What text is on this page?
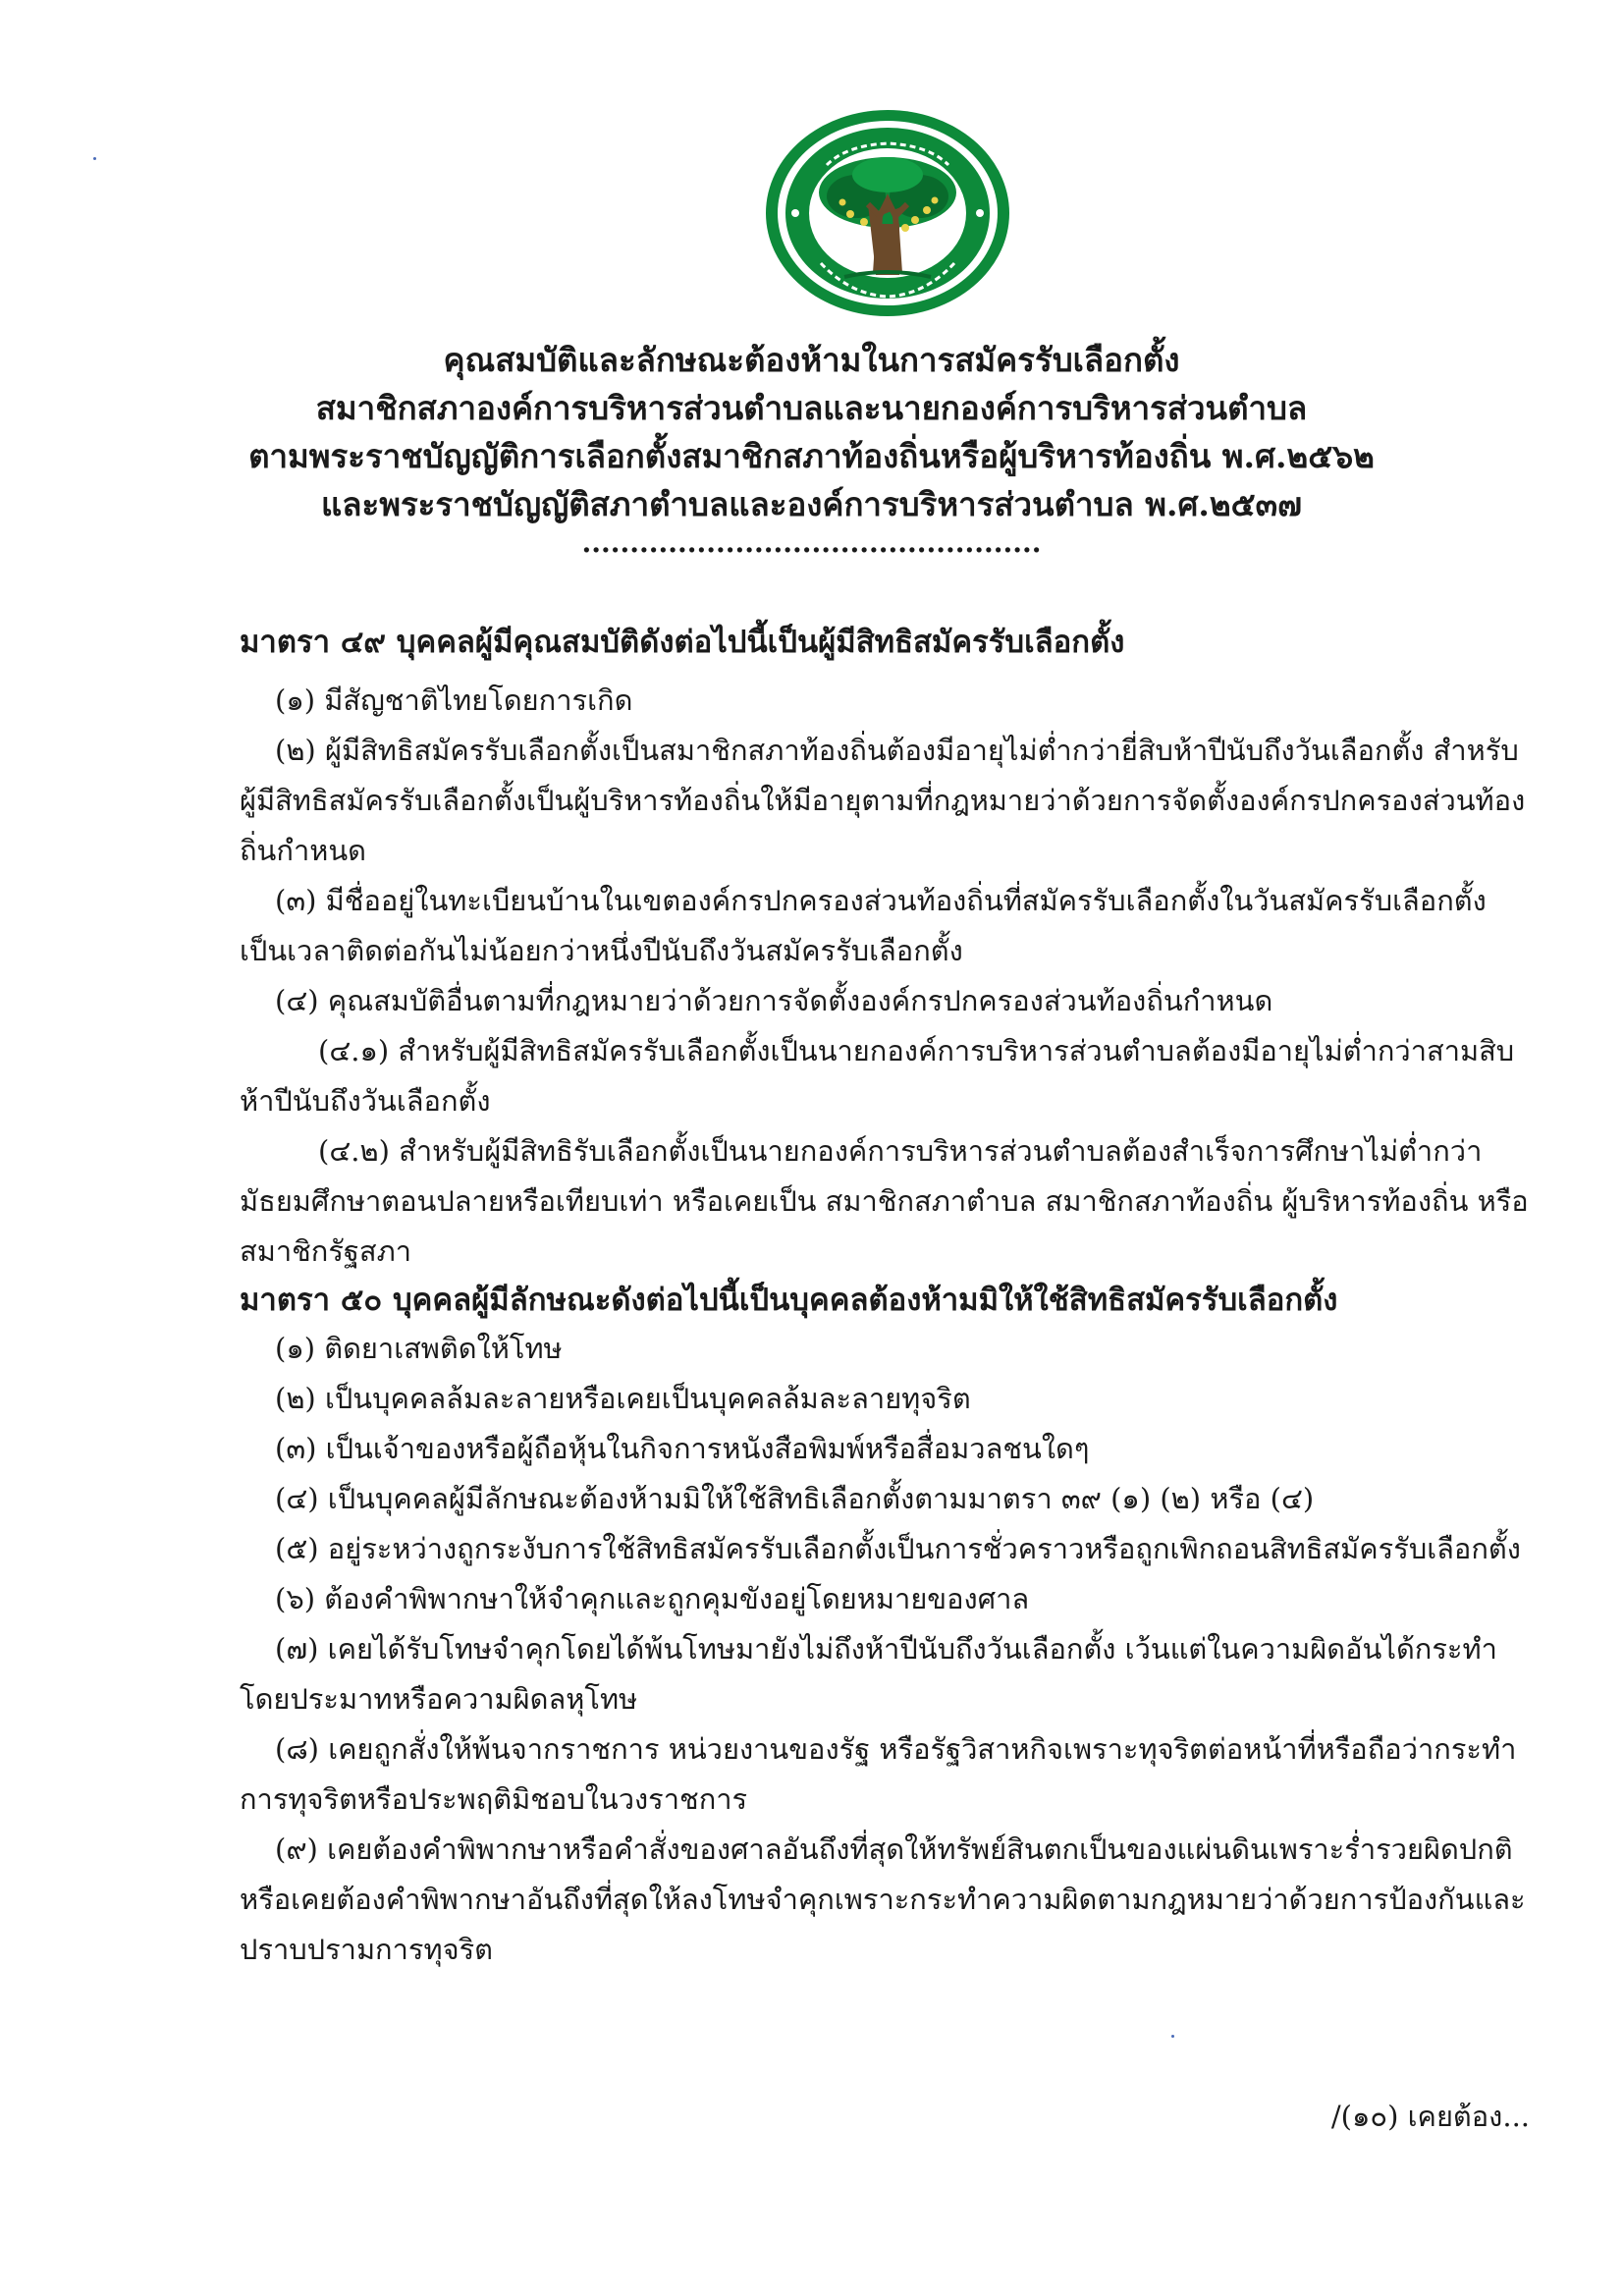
คุณสมบัติและลักษณะต้องห้ามในการสมัครรับเลือกตั้ง
สมาชิกสภาองค์การบริหารส่วนตำบลและนายกองค์การบริหารส่วนตำบล
ตามพระราชบัญญัติการเลือกตั้งสมาชิกสภาท้องถิ่นหรือผู้บริหารท้องถิ่น พ.ศ.๒๕๖๒
และพระราชบัญญัติสภาตำบลและองค์การบริหารส่วนตำบล พ.ศ.๒๕๓๗
................................................

มาตรา ๔๙ บุคคลผู้มีคุณสมบัติดังต่อไปนี้เป็นผู้มีสิทธิสมัครรับเลือกตั้ง

(๑) มีสัญชาติไทยโดยการเกิด

(๒) ผู้มีสิทธิสมัครรับเลือกตั้งเป็นสมาชิกสภาท้องถิ่นต้องมีอายุไม่ต่ำกว่ายี่สิบห้าปีนับถึงวันเลือกตั้ง สำหรับผู้มีสิทธิสมัครรับเลือกตั้งเป็นผู้บริหารท้องถิ่นให้มีอายุตามที่กฎหมายว่าด้วยการจัดตั้งองค์กรปกครองส่วนท้องถิ่นกำหนด

(๓) มีชื่ออยู่ในทะเบียนบ้านในเขตองค์กรปกครองส่วนท้องถิ่นที่สมัครรับเลือกตั้งในวันสมัครรับเลือกตั้งเป็นเวลาติดต่อกันไม่น้อยกว่าหนึ่งปีนับถึงวันสมัครรับเลือกตั้ง

(๔) คุณสมบัติอื่นตามที่กฎหมายว่าด้วยการจัดตั้งองค์กรปกครองส่วนท้องถิ่นกำหนด

(๔.๑) สำหรับผู้มีสิทธิสมัครรับเลือกตั้งเป็นนายกองค์การบริหารส่วนตำบลต้องมีอายุไม่ต่ำกว่าสามสิบห้าปีนับถึงวันเลือกตั้ง

(๔.๒) สำหรับผู้มีสิทธิรับเลือกตั้งเป็นนายกองค์การบริหารส่วนตำบลต้องสำเร็จการศึกษาไม่ต่ำกว่ามัธยมศึกษาตอนปลายหรือเทียบเท่า หรือเคยเป็น สมาชิกสภาตำบล สมาชิกสภาท้องถิ่น ผู้บริหารท้องถิ่น หรือสมาชิกรัฐสภา

มาตรา ๕๐ บุคคลผู้มีลักษณะดังต่อไปนี้เป็นบุคคลต้องห้ามมิให้ใช้สิทธิสมัครรับเลือกตั้ง

(๑) ติดยาเสพติดให้โทษ

(๒) เป็นบุคคลล้มละลายหรือเคยเป็นบุคคลล้มละลายทุจริต

(๓) เป็นเจ้าของหรือผู้ถือหุ้นในกิจการหนังสือพิมพ์หรือสื่อมวลชนใดๆ

(๔) เป็นบุคคลผู้มีลักษณะต้องห้ามมิให้ใช้สิทธิเลือกตั้งตามมาตรา ๓๙ (๑) (๒) หรือ (๔)

(๕) อยู่ระหว่างถูกระงับการใช้สิทธิสมัครรับเลือกตั้งเป็นการชั่วคราวหรือถูกเพิกถอนสิทธิสมัครรับเลือกตั้ง

(๖) ต้องคำพิพากษาให้จำคุกและถูกคุมขังอยู่โดยหมายของศาล

(๗) เคยได้รับโทษจำคุกโดยได้พ้นโทษมายังไม่ถึงห้าปีนับถึงวันเลือกตั้ง เว้นแต่ในความผิดอันได้กระทำโดยประมาทหรือความผิดลหุโทษ

(๘) เคยถูกสั่งให้พ้นจากราชการ หน่วยงานของรัฐ หรือรัฐวิสาหกิจเพราะทุจริตต่อหน้าที่หรือถือว่ากระทำการทุจริตหรือประพฤติมิชอบในวงราชการ

(๙) เคยต้องคำพิพากษาหรือคำสั่งของศาลอันถึงที่สุดให้ทรัพย์สินตกเป็นของแผ่นดินเพราะร่ำรวยผิดปกติหรือเคยต้องคำพิพากษาอันถึงที่สุดให้ลงโทษจำคุกเพราะกระทำความผิดตามกฎหมายว่าด้วยการป้องกันและปราบปรามการทุจริต

/(๑๐) เคยต้อง...
